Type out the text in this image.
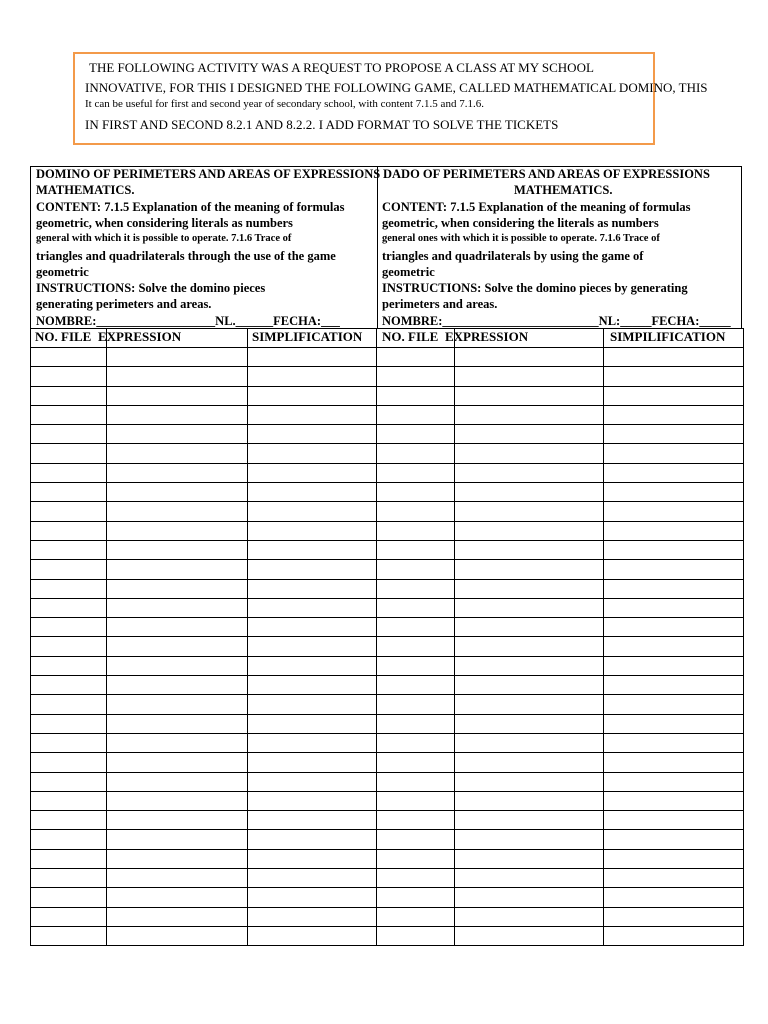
THE FOLLOWING ACTIVITY WAS A REQUEST TO PROPOSE A CLASS AT MY SCHOOL
INNOVATIVE, FOR THIS I DESIGNED THE FOLLOWING GAME, CALLED MATHEMATICAL DOMINO, THIS
It can be useful for first and second year of secondary school, with content 7.1.5 and 7.1.6.
IN FIRST AND SECOND 8.2.1 AND 8.2.2. I ADD FORMAT TO SOLVE THE TICKETS
DOMINO OF PERIMETERS AND AREAS OF EXPRESSIONS
MATHEMATICS.
CONTENT: 7.1.5 Explanation of the meaning of formulas
geometric, when considering literals as numbers
general with which it is possible to operate. 7.1.6 Trace of
triangles and quadrilaterals through the use of the game
geometric
INSTRUCTIONS: Solve the domino pieces
generating perimeters and areas.
NOMBRE:___________________NL.______FECHA:___
DADO OF PERIMETERS AND AREAS OF EXPRESSIONS
MATHEMATICS.
CONTENT: 7.1.5 Explanation of the meaning of formulas
geometric, when considering the literals as numbers
general ones with which it is possible to operate. 7.1.6 Trace of
triangles and quadrilaterals by using the game of
geometric
INSTRUCTIONS: Solve the domino pieces by generating
perimeters and areas.
NOMBRE:_________________________NL:_____FECHA:_____

NO. FILE EXPRESSION	SIMPLIFICATION NO. FILE EXPRESSION	SIMPILIFICATION
